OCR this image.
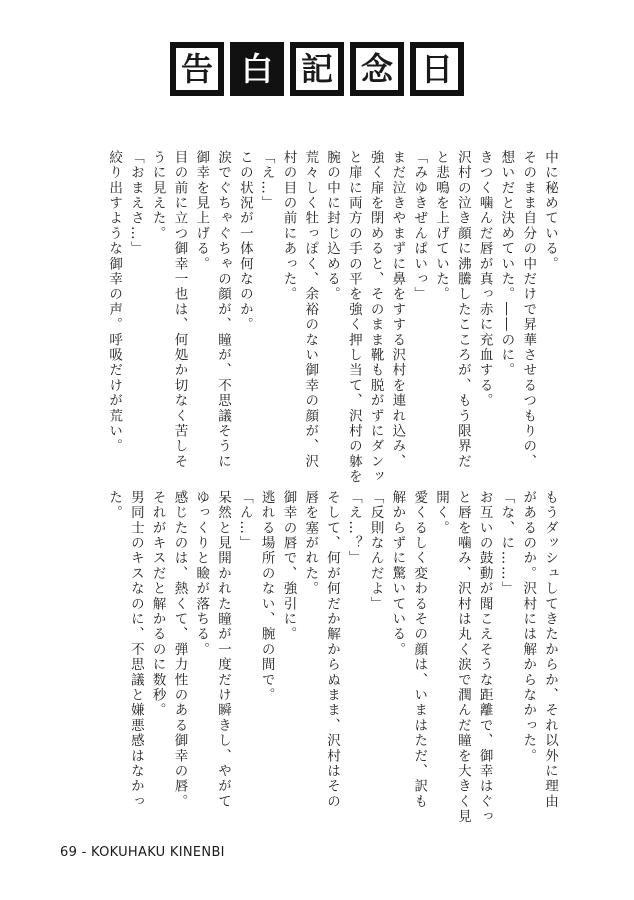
告 白 記 念 日

中に秘めている。

そのまま自分の中だけで昇華させるつもりの、

想いだと決めていた。――のに。

きつく噛んだ唇が真っ赤に充血する。

沢村の泣き顔に沸騰したこころが、もう限界だ

と悲鳴を上げていた。

「みゆきぜんぱいっ」

まだ泣きやまずに鼻をすする沢村を連れ込み、

強く扉を閉めると、そのまま靴も脱がずにダンッ

と扉に両方の手の平を強く押し当て、沢村の躰を

腕の中に封じ込める。

荒々しく牡っぽく、余裕のない御幸の顔が、沢

村の目の前にあった。

「え…」

この状況が一体何なのか。

涙でぐちゃぐちゃの顔が、瞳が、不思議そうに

御幸を見上げる。

目の前に立つ御幸一也は、何処か切なく苦しそ

うに見えた。

「おまえさ…」

絞り出すような御幸の声。呼吸だけが荒い。

もうダッシュしてきたからか、それ以外に理由

があるのか。沢村には解からなかった。

「な、に……」

お互いの鼓動が聞こえそうな距離で、御幸はぐっ

と唇を噛み、沢村は丸く涙で潤んだ瞳を大きく見

開く。

愛くるしく変わるその顔は、いまはただ、訳も

解からずに驚いている。

「反則なんだよ」

「え…？」

そして、何が何だか解からぬまま、沢村はその

唇を塞がれた。

御幸の唇で、強引に。

逃れる場所のない、腕の間で。

「ん…」

呆然と見開かれた瞳が一度だけ瞬きし、やがて

ゆっくりと瞼が落ちる。

感じたのは、熱くて、弾力性のある御幸の唇。

それがキスだと解かるのに数秒。

男同士のキスなのに、不思議と嫌悪感はなかっ

た。

69 - KOKUHAKU KINENBI
